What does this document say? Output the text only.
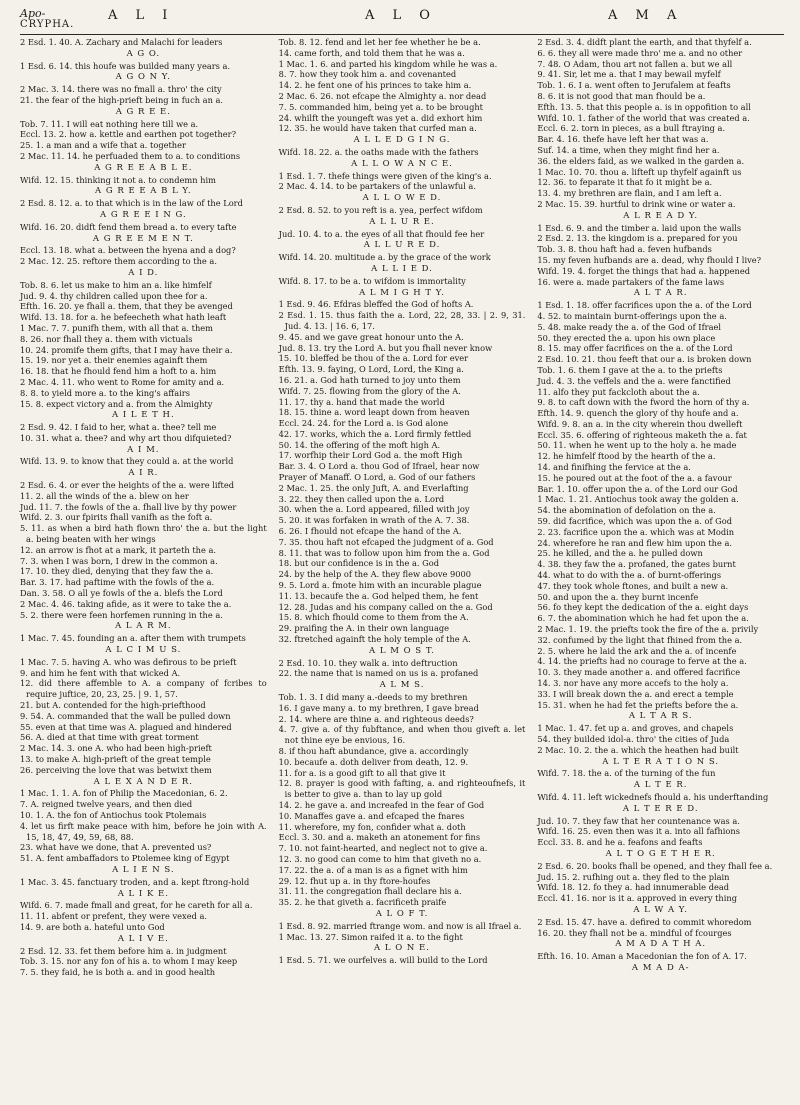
Apo-
CRYPHA.
A L I	A L O	A M A
2 Esd. 1. 40. A. Zachary and Malachi for leaders
A G O.
1 Esd. 6. 14. this houfe was builded many years a.
A G O N Y.
2 Mac. 3. 14. there was no fmall a. thro' the city
21. the fear of the high-prieft being in fuch an a.
A G R E E.
Tob. 7. 11. I will eat nothing here till we a.
Eccl. 13. 2. how a. kettle and earthen pot together?
25. 1. a man and a wife that a. together
2 Mac. 11. 14. he perfuaded them to a. to conditions
A G R E E A B L E.
Wifd. 12. 15. thinking it not a. to condemn him
A G R E E A B L Y.
2 Esd. 8. 12. a. to that which is in the law of the Lord
A G R E E I N G.
Wifd. 16. 20. didft fend them bread a. to every tafte
A G R E E M E N T.
Eccl. 13. 18. what a. between the hyena and a dog?
2 Mac. 12. 25. reftore them according to the a.
A I D.
Tob. 8. 6. let us make to him an a. like himfelf
Jud. 9. 4. thy children called upon thee for a.
Efth. 16. 20. ye fhall a. them, that they be avenged
Wifd. 13. 18. for a. he befeecheth what hath leaft
1 Mac. 7. 7. punifh them, with all that a. them
8. 26. nor fhall they a. them with victuals
10. 24. promife them gifts, that I may have their a.
15. 19. nor yet a. their enemies againft them
16. 18. that he fhould fend him a hoft to a. him
2 Mac. 4. 11. who went to Rome for amity and a.
8. 8. to yield more a. to the king's affairs
15. 8. expect victory and a. from the Almighty
A I L E T H.
2 Esd. 9. 42. I faid to her, what a. thee? tell me
10. 31. what a. thee? and why art thou difquieted?
A I M.
Wifd. 13. 9. to know that they could a. at the world
A I R.
2 Esd. 6. 4. or ever the heights of the a. were lifted
11. 2. all the winds of the a. blew on her
Jud. 11. 7. the fowls of the a. fhall live by thy power
Wifd. 2. 3. our fpirits fhall vanifh as the foft a.
5. 11. as when a bird hath flown thro' the a. but the light a. being beaten with her wings
12. an arrow is fhot at a mark, it parteth the a.
7. 3. when I was born, I drew in the common a.
17. 10. they died, denying that they faw the a.
Bar. 3. 17. had paftime with the fowls of the a.
Dan. 3. 58. O all ye fowls of the a. blefs the Lord
2 Mac. 4. 46. taking afide, as it were to take the a.
5. 2. there were feen horfemen running in the a.
A L A R M.
1 Mac. 7. 45. founding an a. after them with trumpets
A L C I M U S.
1 Mac. 7. 5. having A. who was defirous to be prieft
9. and him he fent with that wicked A.
12. did there affemble to A. a company of fcribes to require juftice, 20, 23, 25. | 9. 1, 57.
21. but A. contended for the high-priefthood
9. 54. A. commanded that the wall be pulled down
55. even at that time was A. plagued and hindered
56. A. died at that time with great torment
2 Mac. 14. 3. one A. who had been high-prieft
13. to make A. high-prieft of the great temple
26. perceiving the love that was betwixt them
A L E X A N D E R.
1 Mac. 1. 1. A. fon of Philip the Macedonian, 6. 2.
7. A. reigned twelve years, and then died
10. 1. A. the fon of Antiochus took Ptolemais
4. let us firft make peace with him, before he join with A. 15, 18, 47, 49, 59, 68, 88.
23. what have we done, that A. prevented us?
51. A. fent ambaffadors to Ptolemee king of Egypt
A L I E N S.
1 Mac. 3. 45. fanctuary troden, and a. kept ftrong-hold
A L I K E.
Wifd. 6. 7. made fmall and great, for he careth for all a.
11. 11. abfent or prefent, they were vexed a.
14. 9. are both a. hateful unto God
A L I V E.
2 Esd. 12. 33. fet them before him a. in judgment
Tob. 3. 15. nor any fon of his a. to whom I may keep
7. 5. they faid, he is both a. and in good health
Tob. 8. 12. fend and let her fee whether he be a.
14. came forth, and told them that he was a.
1 Mac. 1. 6. and parted his kingdom while he was a.
8. 7. how they took him a. and covenanted
14. 2. he fent one of his princes to take him a.
2 Mac. 6. 26. not efcape the Almighty a. nor dead
7. 5. commanded him, being yet a. to be brought
24. whilft the youngeft was yet a. did exhort him
12. 35. he would have taken that curfed man a.
A L L E D G I N G.
Wifd. 18. 22. a. the oaths made with the fathers
A L L O W A N C E.
1 Esd. 1. 7. thefe things were given of the king's a.
2 Mac. 4. 14. to be partakers of the unlawful a.
A L L O W E D.
2 Esd. 8. 52. to you reft is a. yea, perfect wifdom
A L L U R E.
Jud. 10. 4. to a. the eyes of all that fhould fee her
A L L U R E D.
Wifd. 14. 20. multitude a. by the grace of the work
A L L I E D.
Wifd. 8. 17. to be a. to wifdom is immortality
A L M I G H T Y.
1 Esd. 9. 46. Efdras bleffed the God of hofts A.
2 Esd. 1. 15. thus faith the a. Lord, 22, 28, 33. | 2. 9, 31. Jud. 4. 13. | 16. 6, 17.
9. 45. and we gave great honour unto the A.
Jud. 8. 13. try the Lord A. but you fhall never know
15. 10. bleffed be thou of the a. Lord for ever
Efth. 13. 9. faying, O Lord, Lord, the King a.
16. 21. a. God hath turned to joy unto them
Wifd. 7. 25. flowing from the glory of the A.
11. 17. thy a. hand that made the world
18. 15. thine a. word leapt down from heaven
Eccl. 24. 24. for the Lord a. is God alone
42. 17. works, which the a. Lord firmly fettled
50. 14. the offering of the moft high A.
17. worfhip their Lord God a. the moft High
Bar. 3. 4. O Lord a. thou God of Ifrael, hear now
Prayer of Manaff. O Lord, a. God of our fathers
2 Mac. 1. 25. the only Juft, A. and Everlafting
3. 22. they then called upon the a. Lord
30. when the a. Lord appeared, filled with joy
5. 20. it was forfaken in wrath of the A. 7. 38.
6. 26. I fhould not efcape the hand of the A.
7. 35. thou haft not efcaped the judgment of a. God
8. 11. that was to follow upon him from the a. God
18. but our confidence is in the a. God
24. by the help of the A. they flew above 9000
9. 5. Lord a. fmote him with an incurable plague
11. 13. becaufe the a. God helped them, he fent
12. 28. Judas and his company called on the a. God
15. 8. which fhould come to them from the A.
29. praifing the A. in their own language
32. ftretched againft the holy temple of the A.
A L M O S T.
2 Esd. 10. 10. they walk a. into deftruction
22. the name that is named on us is a. profaned
A L M S.
Tob. 1. 3. I did many a.-deeds to my brethren
16. I gave many a. to my brethren, I gave bread
2. 14. where are thine a. and righteous deeds?
4. 7. give a. of thy fubftance, and when thou giveft a. let not thine eye be envious, 16.
8. if thou haft abundance, give a. accordingly
10. becaufe a. doth deliver from death, 12. 9.
11. for a. is a good gift to all that give it
12. 8. prayer is good with fafting, a. and righteoufnefs, it is better to give a. than to lay up gold
14. 2. he gave a. and increafed in the fear of God
10. Manaffes gave a. and efcaped the fnares
11. wherefore, my fon, confider what a. doth
Eccl. 3. 30. and a. maketh an atonement for fins
7. 10. not faint-hearted, and neglect not to give a.
12. 3. no good can come to him that giveth no a.
17. 22. the a. of a man is as a fignet with him
29. 12. fhut up a. in thy ftore-houfes
31. 11. the congregation fhall declare his a.
35. 2. he that giveth a. facrificeth praife
A L O F T.
1 Esd. 8. 92. married ftrange wom. and now is all Ifrael a.
1 Mac. 13. 27. Simon raifed it a. to the fight
A L O N E.
1 Esd. 5. 71. we ourfelves a. will build to the Lord
2 Esd. 3. 4. didft plant the earth, and that thyfelf a.
6. 6. they all were made thro' me a. and no other
7. 48. O Adam, thou art not fallen a. but we all
9. 41. Sir, let me a. that I may bewail myfelf
Tob. 1. 6. I a. went often to Jerufalem at feafts
8. 6. it is not good that man fhould be a.
Efth. 13. 5. that this people a. is in oppofition to all
Wifd. 10. 1. father of the world that was created a.
Eccl. 6. 2. torn in pieces, as a bull ftraying a.
Bar. 4. 16. thefe have left her that was a.
Suf. 14. a time, when they might find her a.
36. the elders faid, as we walked in the garden a.
1 Mac. 10. 70. thou a. lifteft up thyfelf againft us
12. 36. to feparate it that fo it might be a.
13. 4. my brethren are flain, and I am left a.
2 Mac. 15. 39. hurtful to drink wine or water a.
A L R E A D Y.
1 Esd. 6. 9. and the timber a. laid upon the walls
2 Esd. 2. 13. the kingdom is a. prepared for you
Tob. 3. 8. thou haft had a. feven hufbands
15. my feven hufbands are a. dead, why fhould I live?
Wifd. 19. 4. forget the things that had a. happened
16. were a. made partakers of the fame laws
A L T A R.
1 Esd. 1. 18. offer facrifices upon the a. of the Lord
4. 52. to maintain burnt-offerings upon the a.
5. 48. make ready the a. of the God of Ifrael
50. they erected the a. upon his own place
8. 15. may offer facrifices on the a. of the Lord
2 Esd. 10. 21. thou feeft that our a. is broken down
Tob. 1. 6. them I gave at the a. to the priefts
Jud. 4. 3. the veffels and the a. were fanctified
11. alfo they put fackcloth about the a.
9. 8. to caft down with the fword the horn of thy a.
Efth. 14. 9. quench the glory of thy houfe and a.
Wifd. 9. 8. an a. in the city wherein thou dwelleft
Eccl. 35. 6. offering of righteous maketh the a. fat
50. 11. when he went up to the holy a. he made
12. he himfelf ftood by the hearth of the a.
14. and finifhing the fervice at the a.
15. he poured out at the foot of the a. a favour
Bar. 1. 10. offer upon the a. of the Lord our God
1 Mac. 1. 21. Antiochus took away the golden a.
54. the abomination of defolation on the a.
59. did facrifice, which was upon the a. of God
2. 23. facrifice upon the a. which was at Modin
24. wherefore he ran and flew him upon the a.
25. he killed, and the a. he pulled down
4. 38. they faw the a. profaned, the gates burnt
44. what to do with the a. of burnt-offerings
47. they took whole ftones, and built a new a.
50. and upon the a. they burnt incenfe
56. fo they kept the dedication of the a. eight days
6. 7. the abomination which he had fet upon the a.
2 Mac. 1. 19. the priefts took the fire of the a. privily
32. confumed by the light that fhined from the a.
2. 5. where he laid the ark and the a. of incenfe
4. 14. the priefts had no courage to ferve at the a.
10. 3. they made another a. and offered facrifice
14. 3. nor have any more accefs to the holy a.
33. I will break down the a. and erect a temple
15. 31. when he had fet the priefts before the a.
A L T A R S.
1 Mac. 1. 47. fet up a. and groves, and chapels
54. they builded idol-a. thro' the cities of Juda
2 Mac. 10. 2. the a. which the heathen had built
A L T E R A T I O N S.
Wifd. 7. 18. the a. of the turning of the fun
A L T E R.
Wifd. 4. 11. left wickednefs fhould a. his underftanding
A L T E R E D.
Jud. 10. 7. they faw that her countenance was a.
Wifd. 16. 25. even then was it a. into all fafhions
Eccl. 33. 8. and he a. feafons and feafts
A L T O G E T H E R.
2 Esd. 6. 20. books fhall be opened, and they fhall fee a.
Jud. 15. 2. rufhing out a. they fled to the plain
Wifd. 18. 12. fo they a. had innumerable dead
Eccl. 41. 16. nor is it a. approved in every thing
A L W A Y.
2 Esd. 15. 47. have a. defired to commit whoredom
16. 20. they fhall not be a. mindful of fcourges
A M A D A T H A.
Efth. 16. 10. Aman a Macedonian the fon of A. 17.
A M A D A-
